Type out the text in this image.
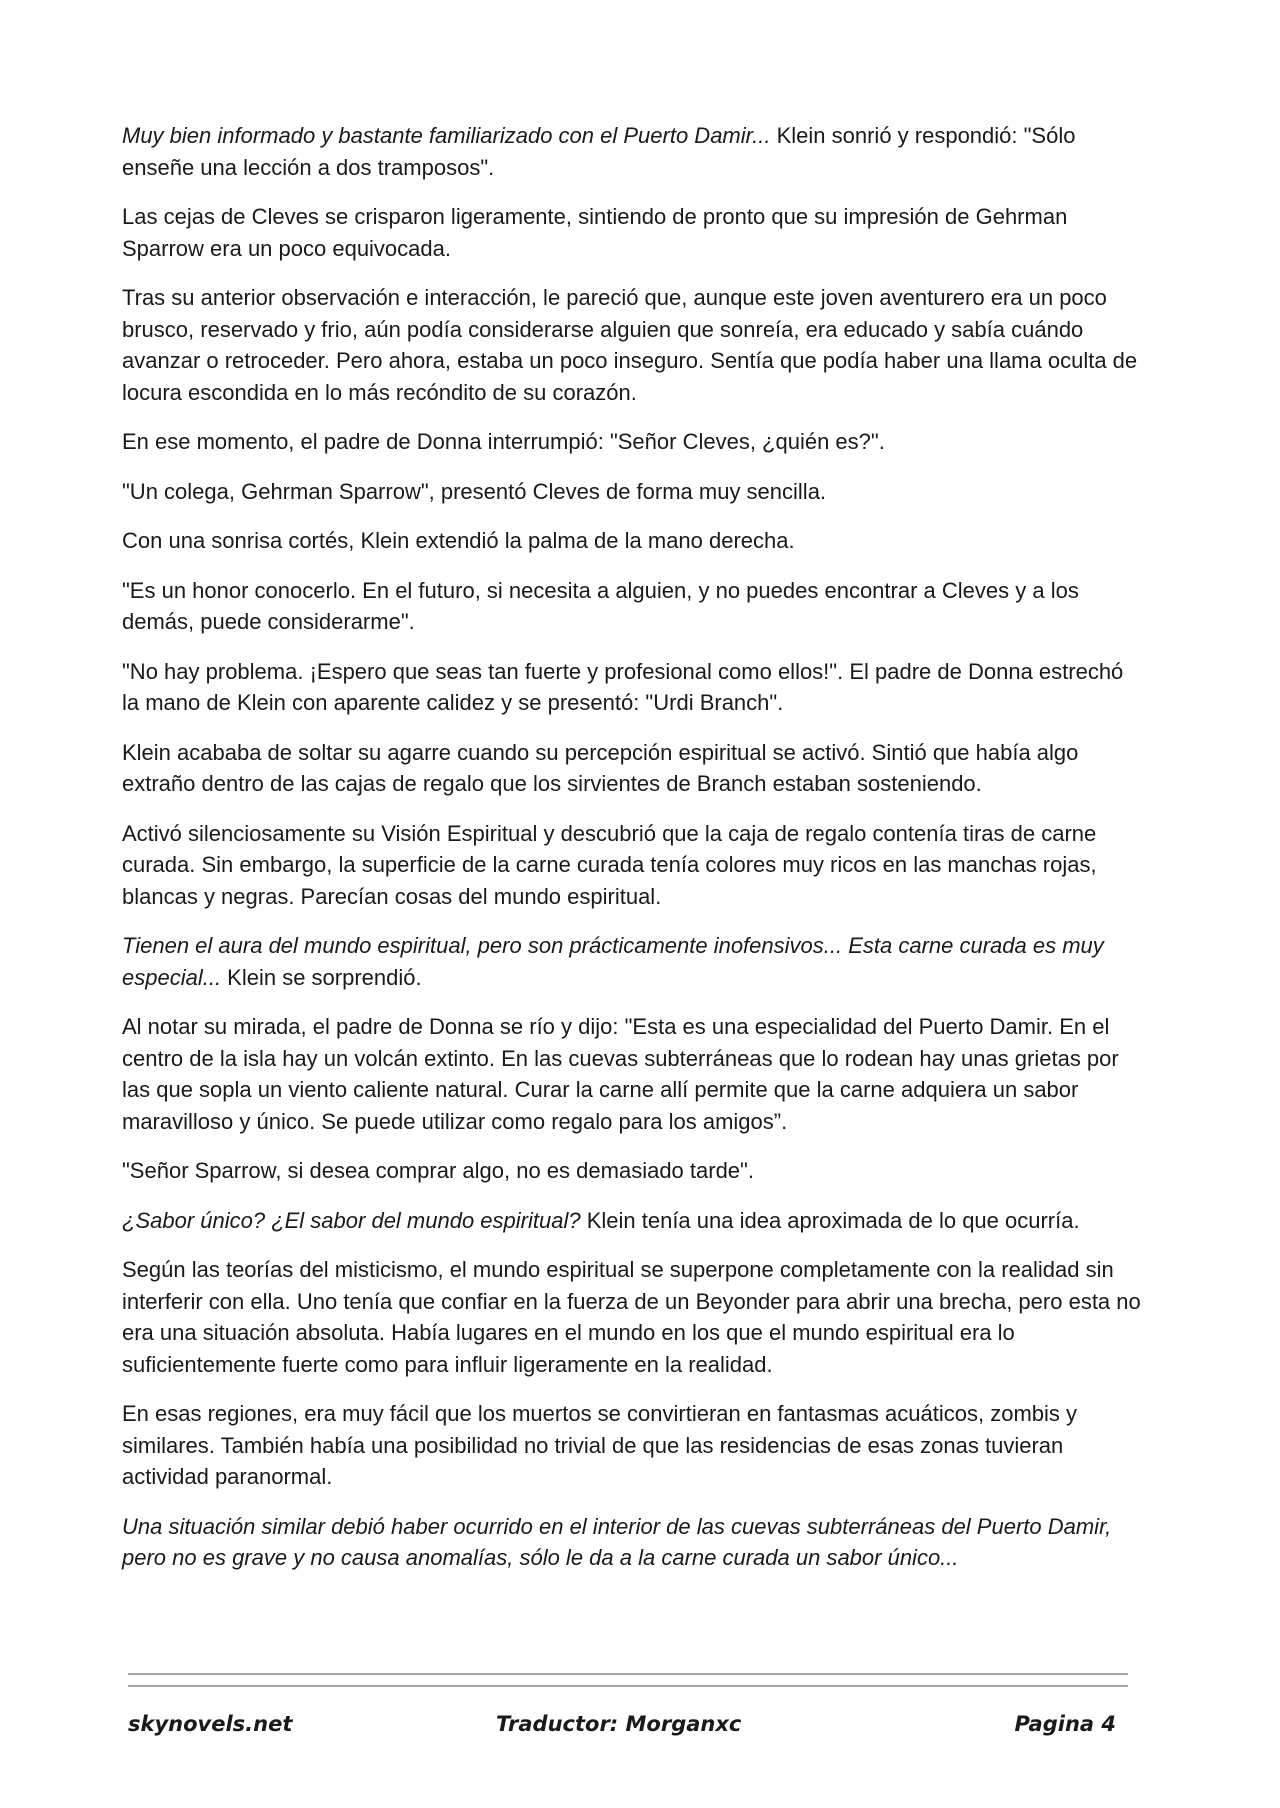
Muy bien informado y bastante familiarizado con el Puerto Damir... Klein sonrió y respondió: "Sólo enseñe una lección a dos tramposos".

Las cejas de Cleves se crisparon ligeramente, sintiendo de pronto que su impresión de Gehrman Sparrow era un poco equivocada.

Tras su anterior observación e interacción, le pareció que, aunque este joven aventurero era un poco brusco, reservado y frio, aún podía considerarse alguien que sonreía, era educado y sabía cuándo avanzar o retroceder. Pero ahora, estaba un poco inseguro. Sentía que podía haber una llama oculta de locura escondida en lo más recóndito de su corazón.

En ese momento, el padre de Donna interrumpió: "Señor Cleves, ¿quién es?".

"Un colega, Gehrman Sparrow", presentó Cleves de forma muy sencilla.

Con una sonrisa cortés, Klein extendió la palma de la mano derecha.

"Es un honor conocerlo. En el futuro, si necesita a alguien, y no puedes encontrar a Cleves y a los demás, puede considerarme".

"No hay problema. ¡Espero que seas tan fuerte y profesional como ellos!". El padre de Donna estrechó la mano de Klein con aparente calidez y se presentó: "Urdi Branch".

Klein acababa de soltar su agarre cuando su percepción espiritual se activó. Sintió que había algo extraño dentro de las cajas de regalo que los sirvientes de Branch estaban sosteniendo.

Activó silenciosamente su Visión Espiritual y descubrió que la caja de regalo contenía tiras de carne curada. Sin embargo, la superficie de la carne curada tenía colores muy ricos en las manchas rojas, blancas y negras. Parecían cosas del mundo espiritual.

Tienen el aura del mundo espiritual, pero son prácticamente inofensivos... Esta carne curada es muy especial... Klein se sorprendió.

Al notar su mirada, el padre de Donna se río y dijo: "Esta es una especialidad del Puerto Damir. En el centro de la isla hay un volcán extinto. En las cuevas subterráneas que lo rodean hay unas grietas por las que sopla un viento caliente natural. Curar la carne allí permite que la carne adquiera un sabor maravilloso y único. Se puede utilizar como regalo para los amigos”.

"Señor Sparrow, si desea comprar algo, no es demasiado tarde".

¿Sabor único? ¿El sabor del mundo espiritual? Klein tenía una idea aproximada de lo que ocurría.

Según las teorías del misticismo, el mundo espiritual se superpone completamente con la realidad sin interferir con ella. Uno tenía que confiar en la fuerza de un Beyonder para abrir una brecha, pero esta no era una situación absoluta. Había lugares en el mundo en los que el mundo espiritual era lo suficientemente fuerte como para influir ligeramente en la realidad.

En esas regiones, era muy fácil que los muertos se convirtieran en fantasmas acuáticos, zombis y similares. También había una posibilidad no trivial de que las residencias de esas zonas tuvieran actividad paranormal.

Una situación similar debió haber ocurrido en el interior de las cuevas subterráneas del Puerto Damir, pero no es grave y no causa anomalías, sólo le da a la carne curada un sabor único...

skynovels.net	Traductor: Morganxc	Pagina 4
